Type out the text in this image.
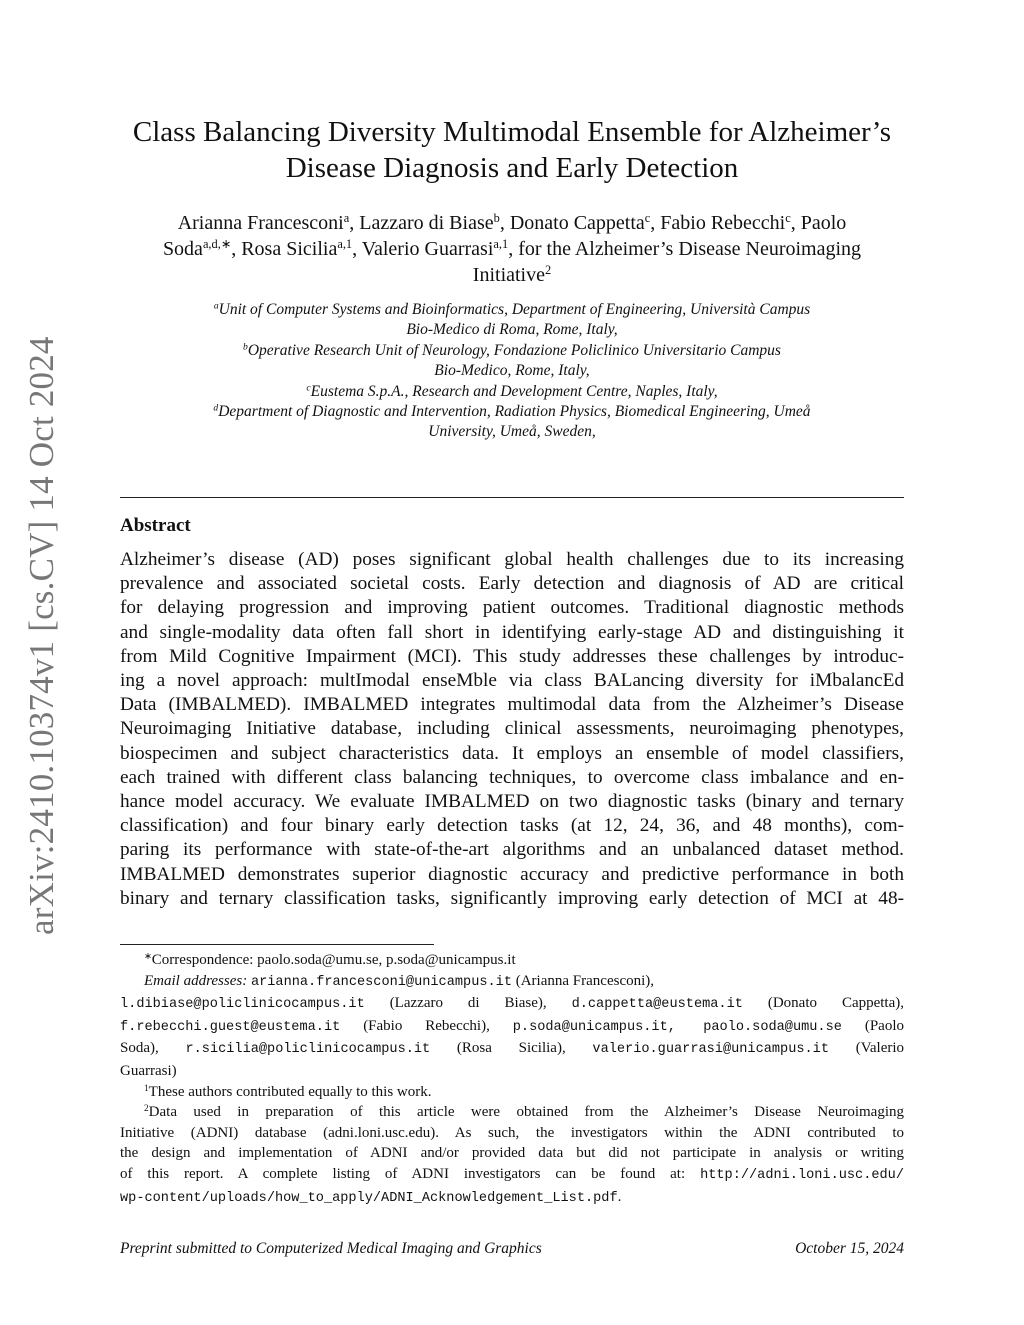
arXiv:2410.10374v1 [cs.CV] 14 Oct 2024
Class Balancing Diversity Multimodal Ensemble for Alzheimer’s
Disease Diagnosis and Early Detection
Arianna Francesconi$^a$, Lazzaro di Biase$^b$, Donato Cappetta$^c$, Fabio Rebecchi$^c$, Paolo
Soda$^{a,d,∗}$, Rosa Sicilia$^{a,1}$, Valerio Guarrasi$^{a,1}$, for the Alzheimer’s Disease Neuroimaging
Initiative$^2$
$^a$Unit of Computer Systems and Bioinformatics, Department of Engineering, Università Campus
Bio-Medico di Roma, Rome, Italy,
$^b$Operative Research Unit of Neurology, Fondazione Policlinico Universitario Campus
Bio-Medico, Rome, Italy,
$^c$Eustema S.p.A., Research and Development Centre, Naples, Italy,
$^d$Department of Diagnostic and Intervention, Radiation Physics, Biomedical Engineering, Umeå
University, Umeå, Sweden,
Abstract
Alzheimer’s disease (AD) poses significant global health challenges due to its increasing
prevalence and associated societal costs. Early detection and diagnosis of AD are critical
for delaying progression and improving patient outcomes. Traditional diagnostic methods
and single-modality data often fall short in identifying early-stage AD and distinguishing it
from Mild Cognitive Impairment (MCI). This study addresses these challenges by introduc-
ing a novel approach: multImodal enseMble via class BALancing diversity for iMbalancEd
Data (IMBALMED). IMBALMED integrates multimodal data from the Alzheimer’s Disease
Neuroimaging Initiative database, including clinical assessments, neuroimaging phenotypes,
biospecimen and subject characteristics data. It employs an ensemble of model classifiers,
each trained with different class balancing techniques, to overcome class imbalance and en-
hance model accuracy. We evaluate IMBALMED on two diagnostic tasks (binary and ternary
classification) and four binary early detection tasks (at 12, 24, 36, and 48 months), com-
paring its performance with state-of-the-art algorithms and an unbalanced dataset method.
IMBALMED demonstrates superior diagnostic accuracy and predictive performance in both
binary and ternary classification tasks, significantly improving early detection of MCI at 48-
∗Correspondence: paolo.soda@umu.se, p.soda@unicampus.it
Email addresses: arianna.francesconi@unicampus.it (Arianna Francesconi),
l.dibiase@policlinicocampus.it (Lazzaro di Biase), d.cappetta@eustema.it (Donato Cappetta),
f.rebecchi.guest@eustema.it (Fabio Rebecchi), p.soda@unicampus.it, paolo.soda@umu.se (Paolo
Soda), r.sicilia@policlinicocampus.it (Rosa Sicilia), valerio.guarrasi@unicampus.it (Valerio
Guarrasi)
$^1$These authors contributed equally to this work.
$^2$Data used in preparation of this article were obtained from the Alzheimer’s Disease Neuroimaging
Initiative (ADNI) database (adni.loni.usc.edu). As such, the investigators within the ADNI contributed to
the design and implementation of ADNI and/or provided data but did not participate in analysis or writing
of this report. A complete listing of ADNI investigators can be found at: http://adni.loni.usc.edu/
wp-content/uploads/how_to_apply/ADNI_Acknowledgement_List.pdf.
Preprint submitted to Computerized Medical Imaging and Graphics	October 15, 2024
